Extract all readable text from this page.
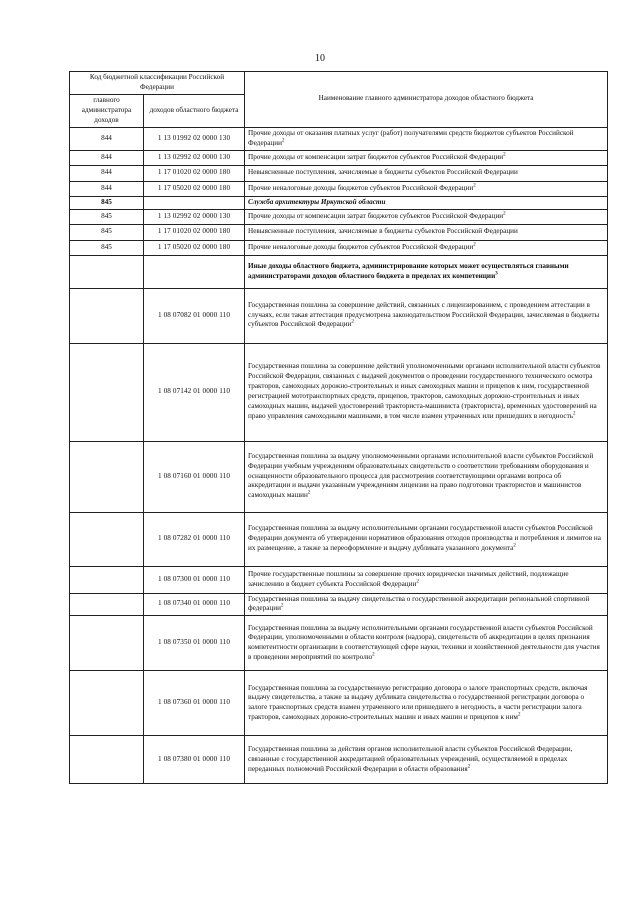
10
Код бюджетной классификации Российской Федерации		Наименование главного администратора доходов областного бюджета
главного администратора доходов	доходов областного бюджета	
844	1 13 01992 02 0000 130	Прочие доходы от оказания платных услуг (работ) получателями средств бюджетов субъектов Российской Федерации$^2$
844	1 13 02992 02 0000 130	Прочие доходы от компенсации затрат бюджетов субъектов Российской Федерации$^2$
844	1 17 01020 02 0000 180	Невыясненные поступления, зачисляемые в бюджеты субъектов Российской Федерации
844	1 17 05020 02 0000 180	Прочие неналоговые доходы бюджетов субъектов Российской Федерации$^2$
845		Служба архитектуры Иркутской области
845	1 13 02992 02 0000 130	Прочие доходы от компенсации затрат бюджетов субъектов Российской Федерации$^2$
845	1 17 01020 02 0000 180	Невыясненные поступления, зачисляемые в бюджеты субъектов Российской Федерации
845	1 17 05020 02 0000 180	Прочие неналоговые доходы бюджетов субъектов Российской Федерации$^2$
		Иные доходы областного бюджета, администрирование которых может осуществляться главными администраторами доходов областного бюджета в пределах их компетенции$^3$
	1 08 07082 01 0000 110	Государственная пошлина за совершение действий, связанных с лицензированием, с проведением аттестации в случаях, если такая аттестация предусмотрена законодательством Российской Федерации, зачисляемая в бюджеты субъектов Российской Федерации$^2$
	1 08 07142 01 0000 110	Государственная пошлина за совершение действий уполномоченными органами исполнительной власти субъектов Российской Федерации, связанных с выдачей документов о проведении государственного технического осмотра тракторов, самоходных дорожно-строительных и иных самоходных машин и прицепов к ним, государственной регистрацией мототранспортных средств, прицепов, тракторов, самоходных дорожно-строительных и иных самоходных машин, выдачей удостоверений тракториста-машиниста (тракториста), временных удостоверений на право управления самоходными машинами, в том числе взамен утраченных или пришедших в негодность$^2$
	1 08 07160 01 0000 110	Государственная пошлина за выдачу уполномоченными органами исполнительной власти субъектов Российской Федерации учебным учреждениям образовательных свидетельств о соответствии требованиям оборудования и оснащенности образовательного процесса для рассмотрения соответствующими органами вопроса об аккредитации и выдачи указанным учреждениям лицензии на право подготовки трактористов и машинистов самоходных машин$^2$
	1 08 07282 01 0000 110	Государственная пошлина за выдачу исполнительными органами государственной власти субъектов Российской Федерации документа об утверждении нормативов образования отходов производства и потребления и лимитов на их размещение, а также за переоформление и выдачу дубликата указанного документа$^2$
	1 08 07300 01 0000 110	Прочие государственные пошлины за совершение прочих юридически значимых действий, подлежащие зачислению в бюджет субъекта Российской Федерации$^2$
	1 08 07340 01 0000 110	Государственная пошлина за выдачу свидетельства о государственной аккредитации региональной спортивной федерации$^2$
	1 08 07350 01 0000 110	Государственная пошлина за выдачу исполнительными органами государственной власти субъектов Российской Федерации, уполномоченными в области контроля (надзора), свидетельств об аккредитации в целях признания компетентности организации в соответствующей сфере науки, техники и хозяйственной деятельности для участия в проведении мероприятий по контролю$^2$
	1 08 07360 01 0000 110	Государственная пошлина за государственную регистрацию договора о залоге транспортных средств, включая выдачу свидетельства, а также за выдачу дубликата свидетельства о государственной регистрации договора о залоге транспортных средств взамен утраченного или пришедшего в негодность, в части регистрации залога тракторов, самоходных дорожно-строительных машин и иных машин и прицепов к ним$^2$
	1 08 07380 01 0000 110	Государственная пошлина за действия органов исполнительной власти субъектов Российской Федерации, связанные с государственной аккредитацией образовательных учреждений, осуществляемой в пределах переданных полномочий Российской Федерации в области образования$^2$
